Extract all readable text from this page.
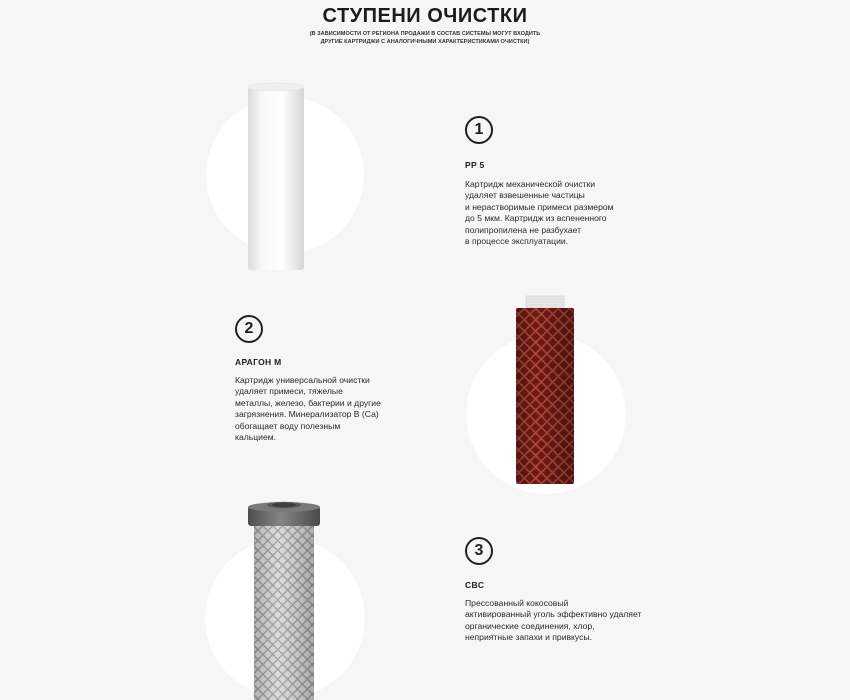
СТУПЕНИ ОЧИСТКИ
(В ЗАВИСИМОСТИ ОТ РЕГИОНА ПРОДАЖИ В СОСТАВ СИСТЕМЫ МОГУТ ВХОДИТЬ
ДРУГИЕ КАРТРИДЖИ С АНАЛОГИЧНЫМИ ХАРАКТЕРИСТИКАМИ ОЧИСТКИ)
1
PP 5
Картридж механической очистки
удаляет взвешенные частицы
и нерастворимые примеси размером
до 5 мкм. Картридж из вспененного
полипропилена не разбухает
в процессе эксплуатации.
2
АРАГОН М
Картридж универсальной очистки
удаляет примеси, тяжелые
металлы, железо, бактерии и другие
загрязнения. Минерализатор В (Са)
обогащает воду полезным
кальцием.
3
CBC
Прессованный кокосовый
активированный уголь эффективно удаляет
органические соединения, хлор,
неприятные запахи и привкусы.
